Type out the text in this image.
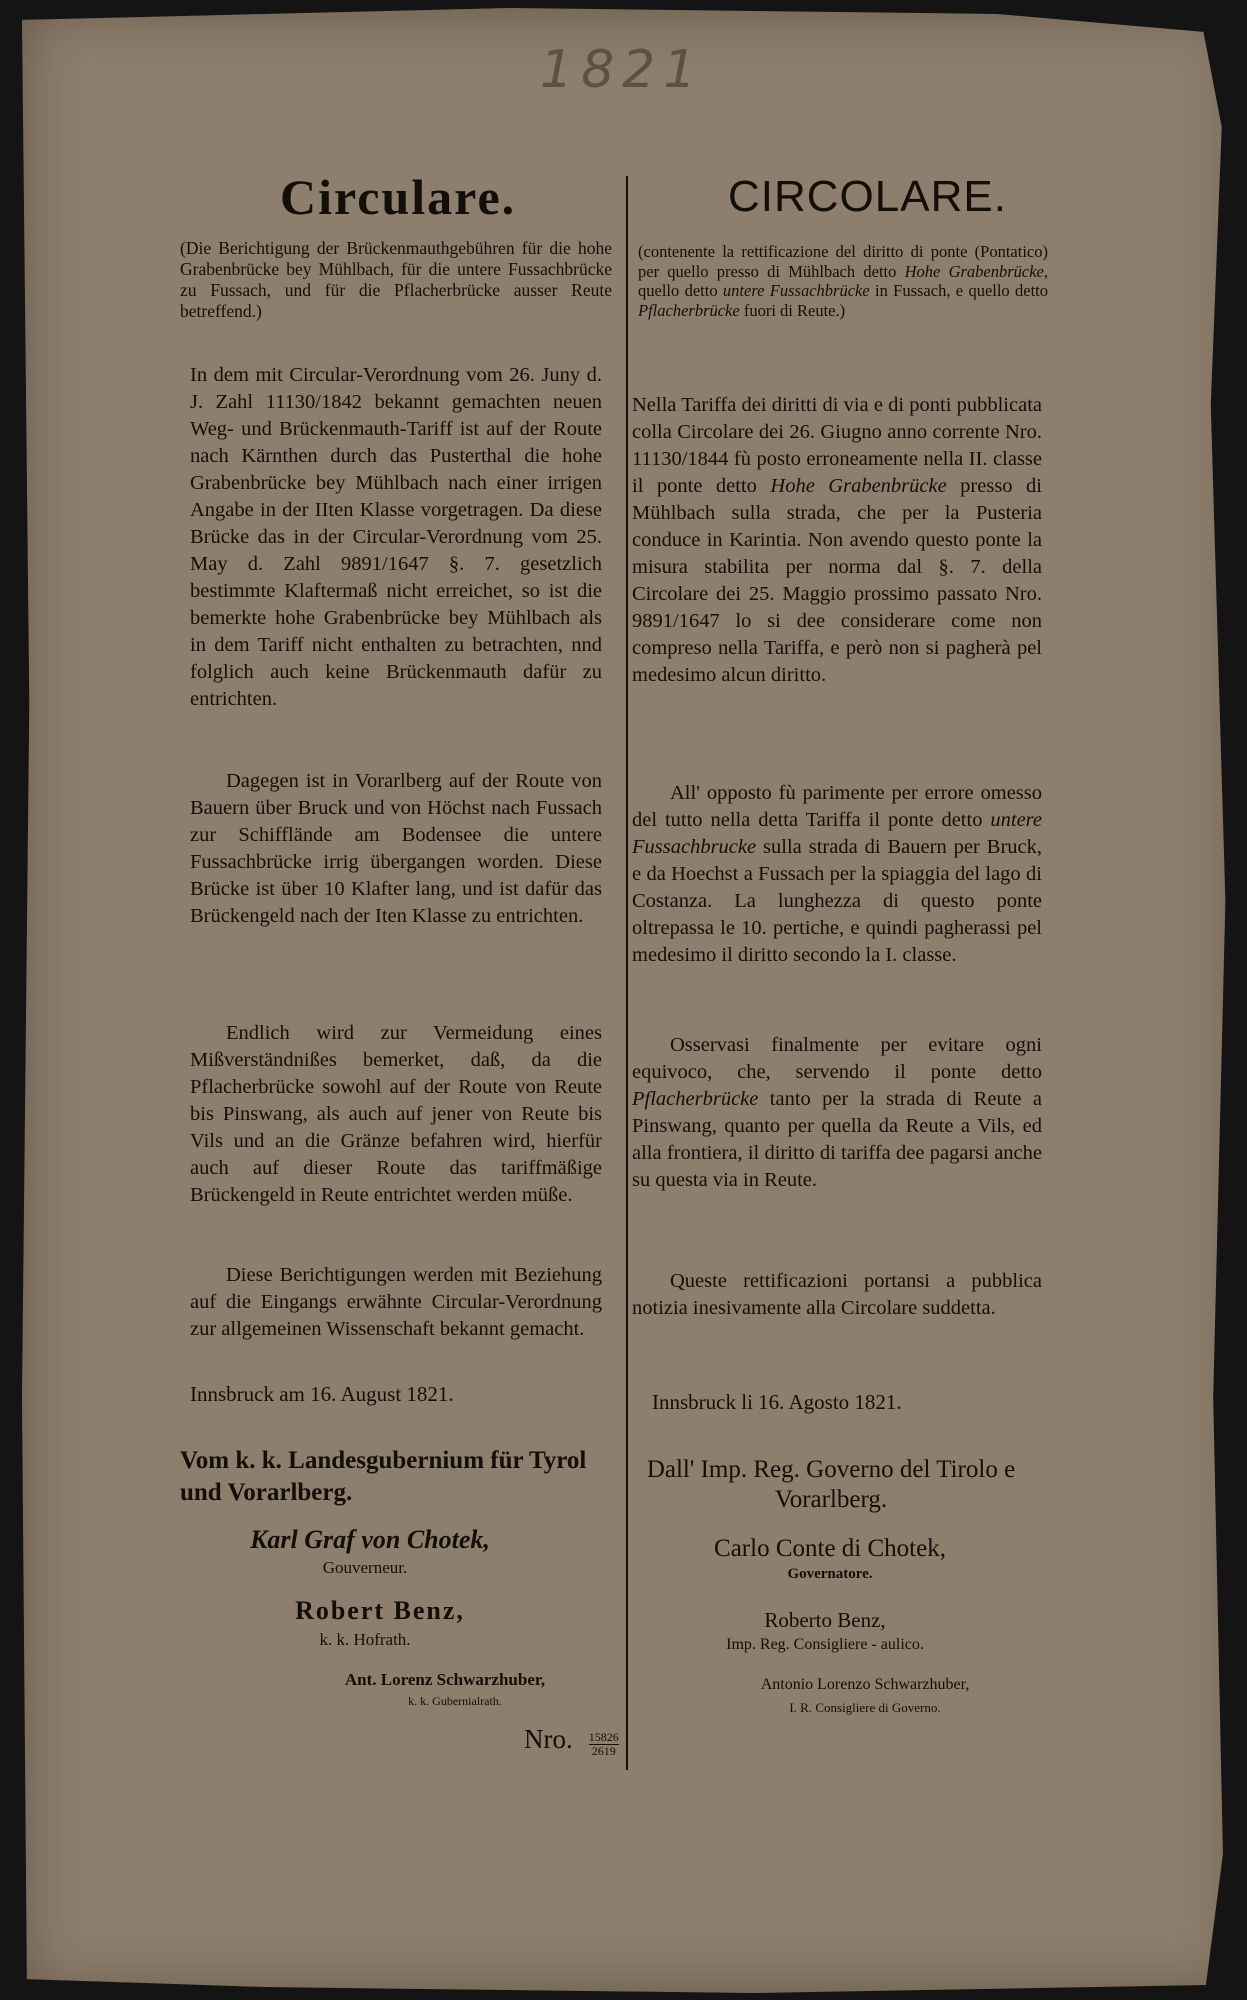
1821
Circulare.
(Die Berichtigung der Brückenmauthgebühren für die hohe Grabenbrücke bey Mühlbach, für die untere Fussachbrücke zu Fussach, und für die Pflacherbrücke ausser Reute betreffend.)
In dem mit Circular-Verordnung vom 26. Juny d. J. Zahl 11130/1842 bekannt gemachten neuen Weg- und Brückenmauth-Tariff ist auf der Route nach Kärnthen durch das Pusterthal die hohe Grabenbrücke bey Mühlbach nach einer irrigen Angabe in der IIten Klasse vorgetragen. Da diese Brücke das in der Circular-Verordnung vom 25. May d. Zahl 9891/1647 §. 7. gesetzlich bestimmte Klaftermaß nicht erreichet, so ist die bemerkte hohe Grabenbrücke bey Mühlbach als in dem Tariff nicht enthalten zu betrachten, nnd folglich auch keine Brückenmauth dafür zu entrichten.
Dagegen ist in Vorarlberg auf der Route von Bauern über Bruck und von Höchst nach Fussach zur Schifflände am Bodensee die untere Fussachbrücke irrig übergangen worden. Diese Brücke ist über 10 Klafter lang, und ist dafür das Brückengeld nach der Iten Klasse zu entrichten.
Endlich wird zur Vermeidung eines Mißverständnißes bemerket, daß, da die Pflacherbrücke sowohl auf der Route von Reute bis Pinswang, als auch auf jener von Reute bis Vils und an die Gränze befahren wird, hierfür auch auf dieser Route das tariffmäßige Brückengeld in Reute entrichtet werden müße.
Diese Berichtigungen werden mit Beziehung auf die Eingangs erwähnte Circular-Verordnung zur allgemeinen Wissenschaft bekannt gemacht.
Innsbruck am 16. August 1821.
Vom k. k. Landesgubernium für Tyrol und Vorarlberg.
Karl Graf von Chotek,
Gouverneur.
Robert Benz,
k. k. Hofrath.
Ant. Lorenz Schwarzhuber,
k. k. Gubernialrath.
CIRCOLARE.
(contenente la rettificazione del diritto di ponte (Pontatico) per quello presso di Mühlbach detto Hohe Grabenbrücke, quello detto untere Fussachbrücke in Fussach, e quello detto Pflacherbrücke fuori di Reute.)
Nella Tariffa dei diritti di via e di ponti pubblicata colla Circolare dei 26. Giugno anno corrente Nro. 11130/1844 fù posto erroneamente nella II. classe il ponte detto Hohe Grabenbrücke presso di Mühlbach sulla strada, che per la Pusteria conduce in Karintia. Non avendo questo ponte la misura stabilita per norma dal §. 7. della Circolare dei 25. Maggio prossimo passato Nro. 9891/1647 lo si dee considerare come non compreso nella Tariffa, e però non si pagherà pel medesimo alcun diritto.
All' opposto fù parimente per errore omesso del tutto nella detta Tariffa il ponte detto untere Fussachbrucke sulla strada di Bauern per Bruck, e da Hoechst a Fussach per la spiaggia del lago di Costanza. La lunghezza di questo ponte oltrepassa le 10. pertiche, e quindi pagherassi pel medesimo il diritto secondo la I. classe.
Osservasi finalmente per evitare ogni equivoco, che, servendo il ponte detto Pflacherbrücke tanto per la strada di Reute a Pinswang, quanto per quella da Reute a Vils, ed alla frontiera, il diritto di tariffa dee pagarsi anche su questa via in Reute.
Queste rettificazioni portansi a pubblica notizia inesivamente alla Circolare suddetta.
Innsbruck li 16. Agosto 1821.
Dall' Imp. Reg. Governo del Tirolo e Vorarlberg.
Carlo Conte di Chotek,
Governatore.
Roberto Benz,
Imp. Reg. Consigliere - aulico.
Antonio Lorenzo Schwarzhuber,
I. R. Consigliere di Governo.
Nro. $\frac{15826}{2619}$
